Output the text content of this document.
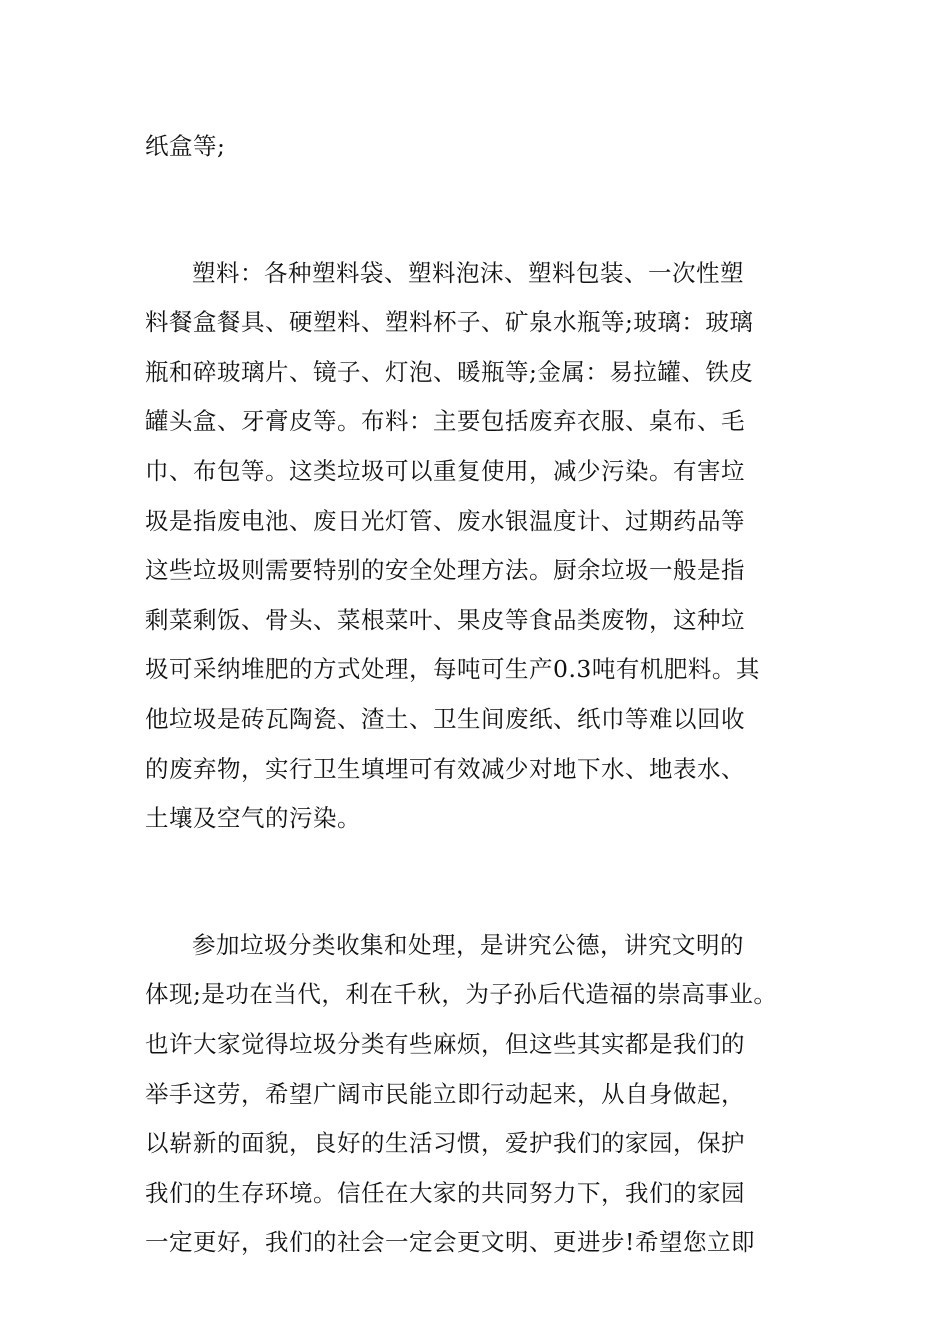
纸盒等;

塑料：各种塑料袋、塑料泡沫、塑料包装、一次性塑
料餐盒餐具、硬塑料、塑料杯子、矿泉水瓶等;玻璃：玻璃
瓶和碎玻璃片、镜子、灯泡、暖瓶等;金属：易拉罐、铁皮
罐头盒、牙膏皮等。布料：主要包括废弃衣服、桌布、毛
巾、布包等。这类垃圾可以重复使用，减少污染。有害垃
圾是指废电池、废日光灯管、废水银温度计、过期药品等
这些垃圾则需要特别的安全处理方法。厨余垃圾一般是指
剩菜剩饭、骨头、菜根菜叶、果皮等食品类废物，这种垃
圾可采纳堆肥的方式处理，每吨可生产0.3吨有机肥料。其
他垃圾是砖瓦陶瓷、渣土、卫生间废纸、纸巾等难以回收
的废弃物，实行卫生填埋可有效减少对地下水、地表水、
土壤及空气的污染。

参加垃圾分类收集和处理，是讲究公德，讲究文明的
体现;是功在当代，利在千秋，为子孙后代造福的崇高事业。
也许大家觉得垃圾分类有些麻烦，但这些其实都是我们的
举手这劳，希望广阔市民能立即行动起来，从自身做起，
以崭新的面貌，良好的生活习惯，爱护我们的家园，保护
我们的生存环境。信任在大家的共同努力下，我们的家园
一定更好，我们的社会一定会更文明、更进步!希望您立即
